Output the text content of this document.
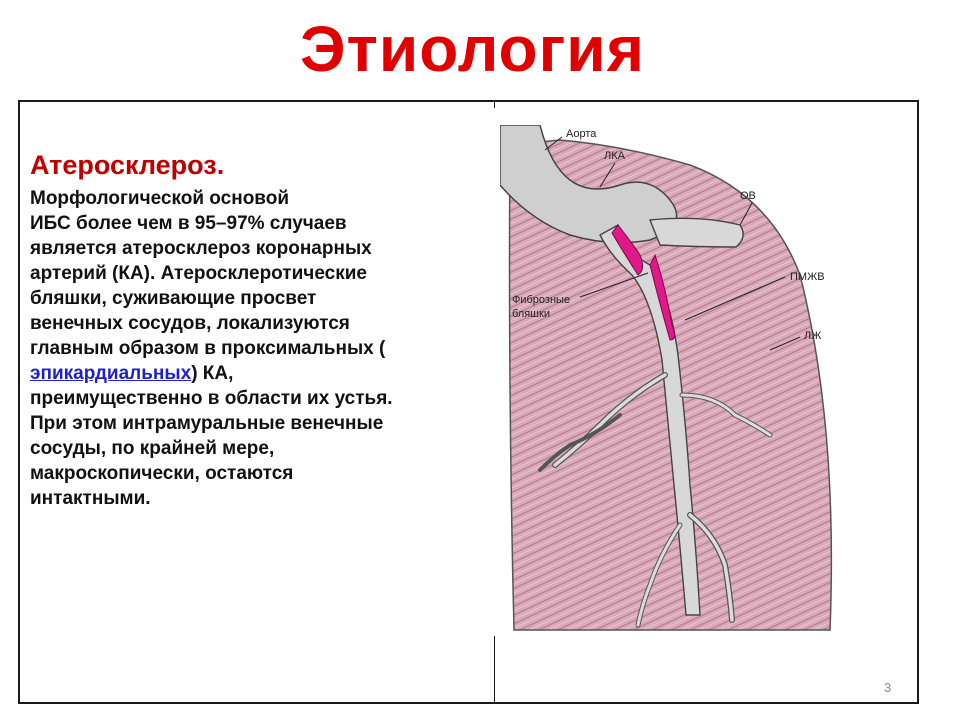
Этиология
Атеросклероз.
Морфологической основой
ИБС более чем в 95–97% случаев
является атеросклероз коронарных
артерий (КА). Атеросклеротические
бляшки, суживающие просвет
венечных сосудов, локализуются
главным образом в проксимальных (
эпикардиальных) КА,
преимущественно в области их устья.
При этом интрамуральные венечные
сосуды, по крайней мере,
макроскопически, остаются
интактными.
Аорта
ЛКА
ОВ
ПМЖВ
Фиброзные
бляшки
ЛЖ
3
